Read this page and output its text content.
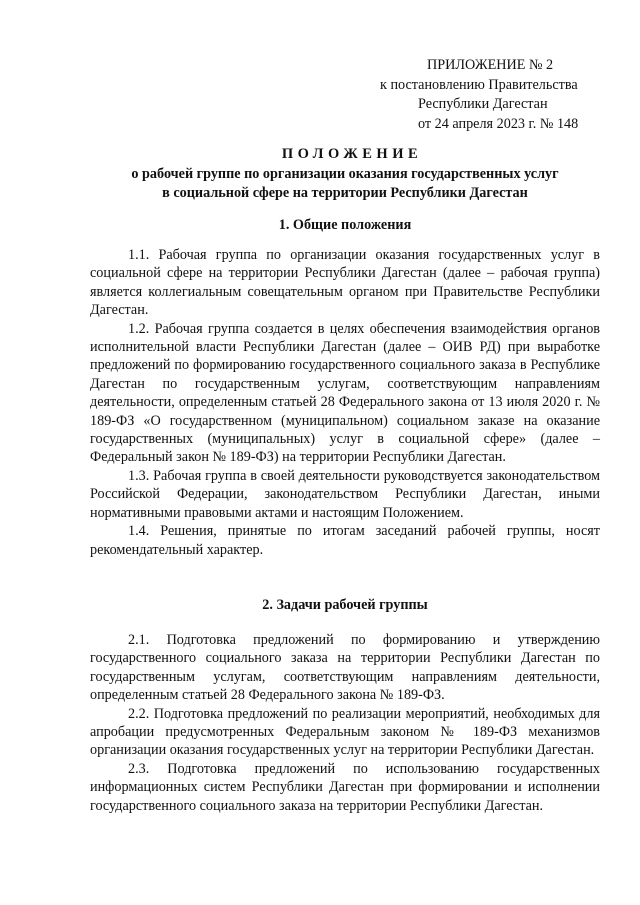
ПРИЛОЖЕНИЕ № 2
к постановлению Правительства
Республики Дагестан
от 24 апреля 2023 г. № 148
ПОЛОЖЕНИЕ
о рабочей группе по организации оказания государственных услуг
в социальной сфере на территории Республики Дагестан
1. Общие положения

1.1. Рабочая группа по организации оказания государственных услуг в социальной сфере на территории Республики Дагестан (далее – рабочая группа) является коллегиальным совещательным органом при Правительстве Республики Дагестан.

1.2. Рабочая группа создается в целях обеспечения взаимодействия органов исполнительной власти Республики Дагестан (далее – ОИВ РД) при выработке предложений по формированию государственного социального заказа в Республике Дагестан по государственным услугам, соответствующим направлениям деятельности, определенным статьей 28 Федерального закона от 13 июля 2020 г. № 189-ФЗ «О государственном (муниципальном) социальном заказе на оказание государственных (муниципальных) услуг в социальной сфере» (далее – Федеральный закон № 189-ФЗ) на территории Республики Дагестан.

1.3. Рабочая группа в своей деятельности руководствуется законодательством Российской Федерации, законодательством Республики Дагестан, иными нормативными правовыми актами и настоящим Положением.

1.4. Решения, принятые по итогам заседаний рабочей группы, носят рекомендательный характер.

2. Задачи рабочей группы

2.1. Подготовка предложений по формированию и утверждению государственного социального заказа на территории Республики Дагестан по государственным услугам, соответствующим направлениям деятельности, определенным статьей 28 Федерального закона № 189-ФЗ.

2.2. Подготовка предложений по реализации мероприятий, необходимых для апробации предусмотренных Федеральным законом № 189-ФЗ механизмов организации оказания государственных услуг на территории Республики Дагестан.

2.3. Подготовка предложений по использованию государственных информационных систем Республики Дагестан при формировании и исполнении государственного социального заказа на территории Республики Дагестан.
